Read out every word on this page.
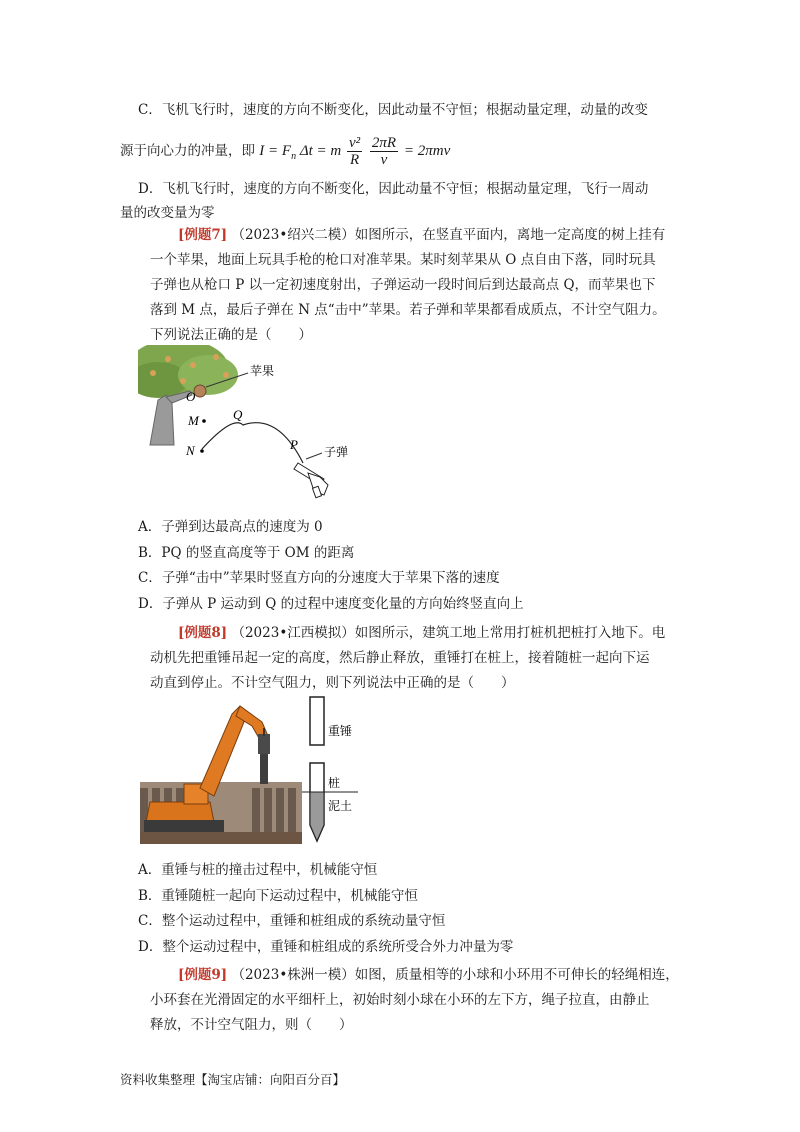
C．飞机飞行时，速度的方向不断变化，因此动量不守恒；根据动量定理，动量的改变
源于向心力的冲量，即 $I = F_n$ Δt = m $\frac{\text{v²}}{R}$
$\frac{2\pi R}{v} = 2\pi mv$
D．飞机飞行时，速度的方向不断变化，因此动量不守恒；根据动量定理，飞行一周动
量的改变量为零
[例题7] （2023•绍兴二模）如图所示，在竖直平面内，离地一定高度的树上挂有
一个苹果，地面上玩具手枪的枪口对准苹果。某时刻苹果从 O 点自由下落，同时玩具
子弹也从枪口 P 以一定初速度射出，子弹运动一段时间后到达最高点 Q，而苹果也下
落到 M 点，最后子弹在 N 点“击中”苹果。若子弹和苹果都看成质点，不计空气阻力。
下列说法正确的是（　　）
苹果
O
M
N
Q
P 子弹
A．子弹到达最高点的速度为 0
B．PQ 的竖直高度等于 OM 的距离
C．子弹“击中”苹果时竖直方向的分速度大于苹果下落的速度
D．子弹从 P 运动到 Q 的过程中速度变化量的方向始终竖直向上
[例题8] （2023•江西模拟）如图所示，建筑工地上常用打桩机把桩打入地下。电
动机先把重锤吊起一定的高度，然后静止释放，重锤打在桩上，接着随桩一起向下运
动直到停止。不计空气阻力，则下列说法中正确的是（　　）
重锤
桩
泥土
A．重锤与桩的撞击过程中，机械能守恒
B．重锤随桩一起向下运动过程中，机械能守恒
C．整个运动过程中，重锤和桩组成的系统动量守恒
D．整个运动过程中，重锤和桩组成的系统所受合外力冲量为零
[例题9] （2023•株洲一模）如图，质量相等的小球和小环用不可伸长的轻绳相连，
小环套在光滑固定的水平细杆上，初始时刻小球在小环的左下方，绳子拉直，由静止
释放，不计空气阻力，则（　　）
资料收集整理【淘宝店铺：向阳百分百】
